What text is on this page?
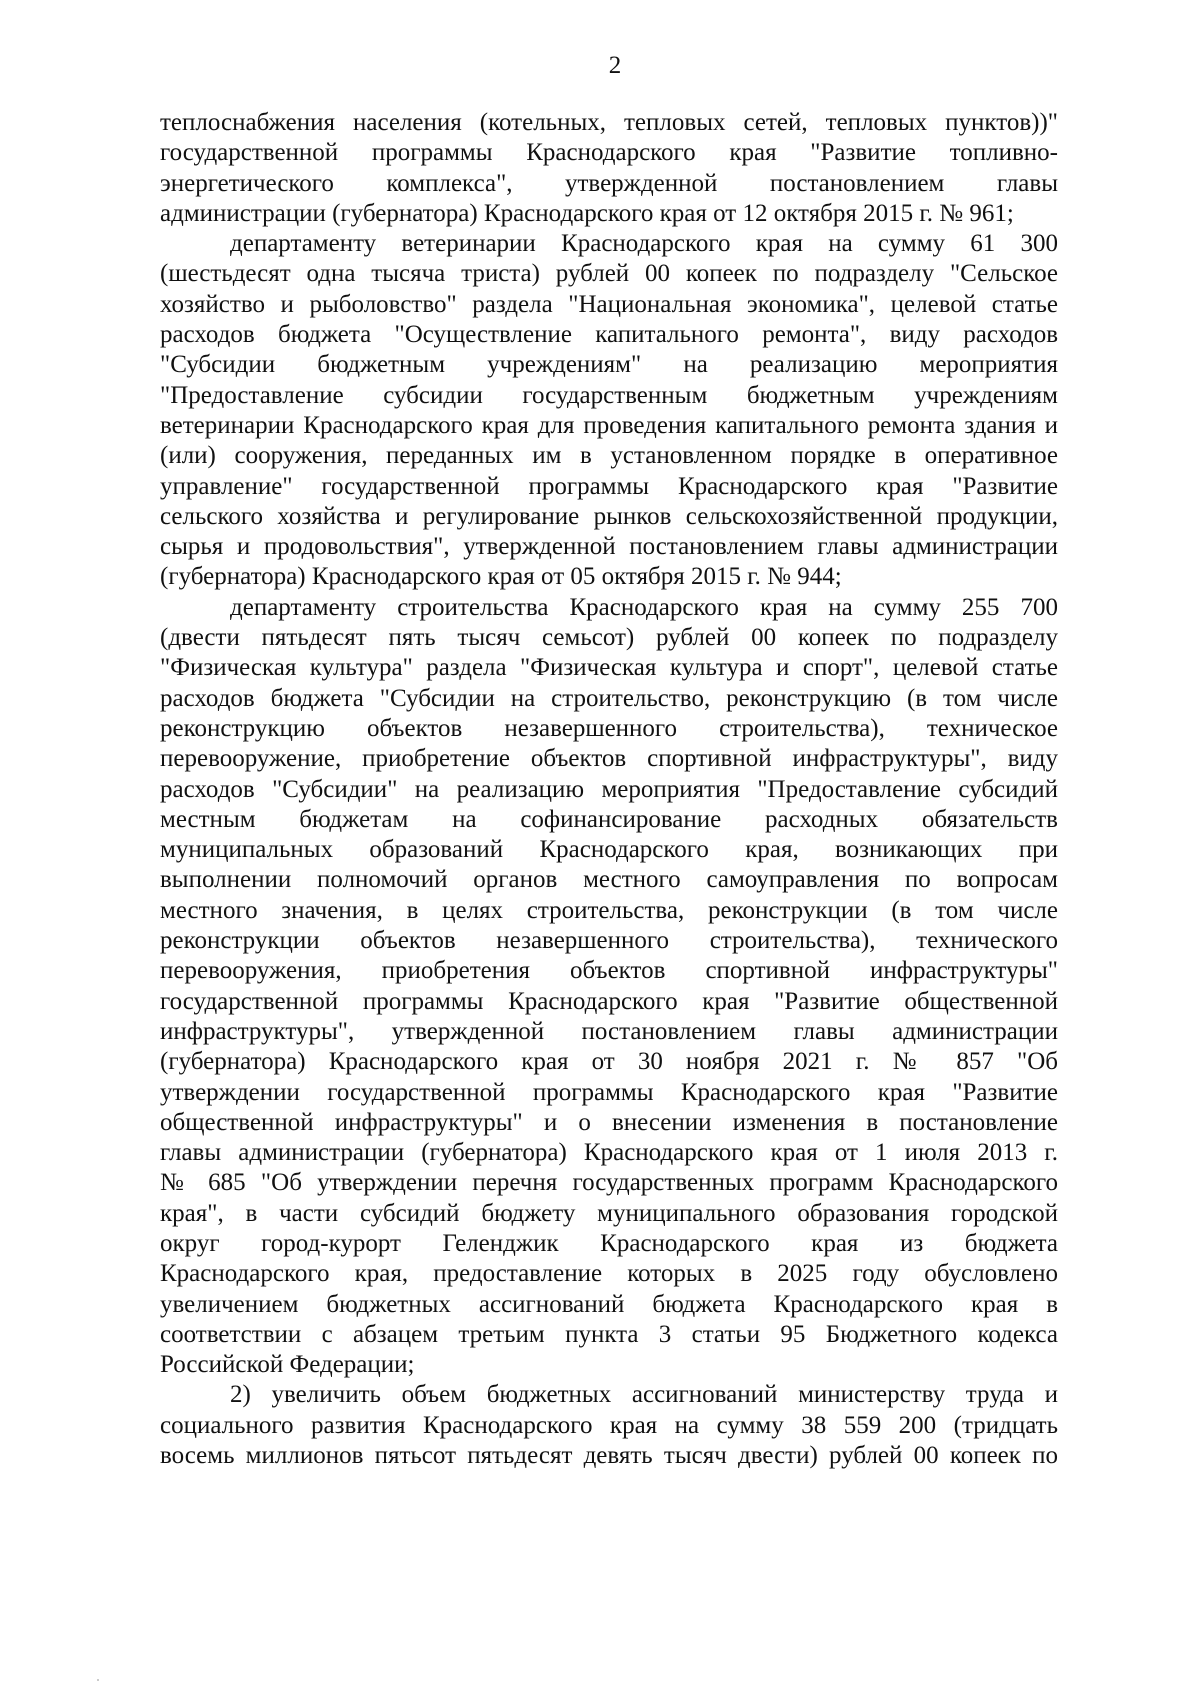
2
теплоснабжения населения (котельных, тепловых сетей, тепловых пунктов))"
государственной программы Краснодарского края "Развитие топливно-
энергетического комплекса", утвержденной постановлением главы
администрации (губернатора) Краснодарского края от 12 октября 2015 г. № 961;
департаменту ветеринарии Краснодарского края на сумму 61 300
(шестьдесят одна тысяча триста) рублей 00 копеек по подразделу "Сельское
хозяйство и рыболовство" раздела "Национальная экономика", целевой статье
расходов бюджета "Осуществление капитального ремонта", виду расходов
"Субсидии бюджетным учреждениям" на реализацию мероприятия
"Предоставление субсидии государственным бюджетным учреждениям
ветеринарии Краснодарского края для проведения капитального ремонта здания и
(или) сооружения, переданных им в установленном порядке в оперативное
управление" государственной программы Краснодарского края "Развитие
сельского хозяйства и регулирование рынков сельскохозяйственной продукции,
сырья и продовольствия", утвержденной постановлением главы администрации
(губернатора) Краснодарского края от 05 октября 2015 г. № 944;
департаменту строительства Краснодарского края на сумму 255 700
(двести пятьдесят пять тысяч семьсот) рублей 00 копеек по подразделу
"Физическая культура" раздела "Физическая культура и спорт", целевой статье
расходов бюджета "Субсидии на строительство, реконструкцию (в том числе
реконструкцию объектов незавершенного строительства), техническое
перевооружение, приобретение объектов спортивной инфраструктуры", виду
расходов "Субсидии" на реализацию мероприятия "Предоставление субсидий
местным бюджетам на софинансирование расходных обязательств
муниципальных образований Краснодарского края, возникающих при
выполнении полномочий органов местного самоуправления по вопросам
местного значения, в целях строительства, реконструкции (в том числе
реконструкции объектов незавершенного строительства), технического
перевооружения, приобретения объектов спортивной инфраструктуры"
государственной программы Краснодарского края "Развитие общественной
инфраструктуры", утвержденной постановлением главы администрации
(губернатора) Краснодарского края от 30 ноября 2021 г. № 857 "Об
утверждении государственной программы Краснодарского края "Развитие
общественной инфраструктуры" и о внесении изменения в постановление
главы администрации (губернатора) Краснодарского края от 1 июля 2013 г.
№ 685 "Об утверждении перечня государственных программ Краснодарского
края", в части субсидий бюджету муниципального образования городской
округ город-курорт Геленджик Краснодарского края из бюджета
Краснодарского края, предоставление которых в 2025 году обусловлено
увеличением бюджетных ассигнований бюджета Краснодарского края в
соответствии с абзацем третьим пункта 3 статьи 95 Бюджетного кодекса
Российской Федерации;
2) увеличить объем бюджетных ассигнований министерству труда и
социального развития Краснодарского края на сумму 38 559 200 (тридцать
восемь миллионов пятьсот пятьдесят девять тысяч двести) рублей 00 копеек по
